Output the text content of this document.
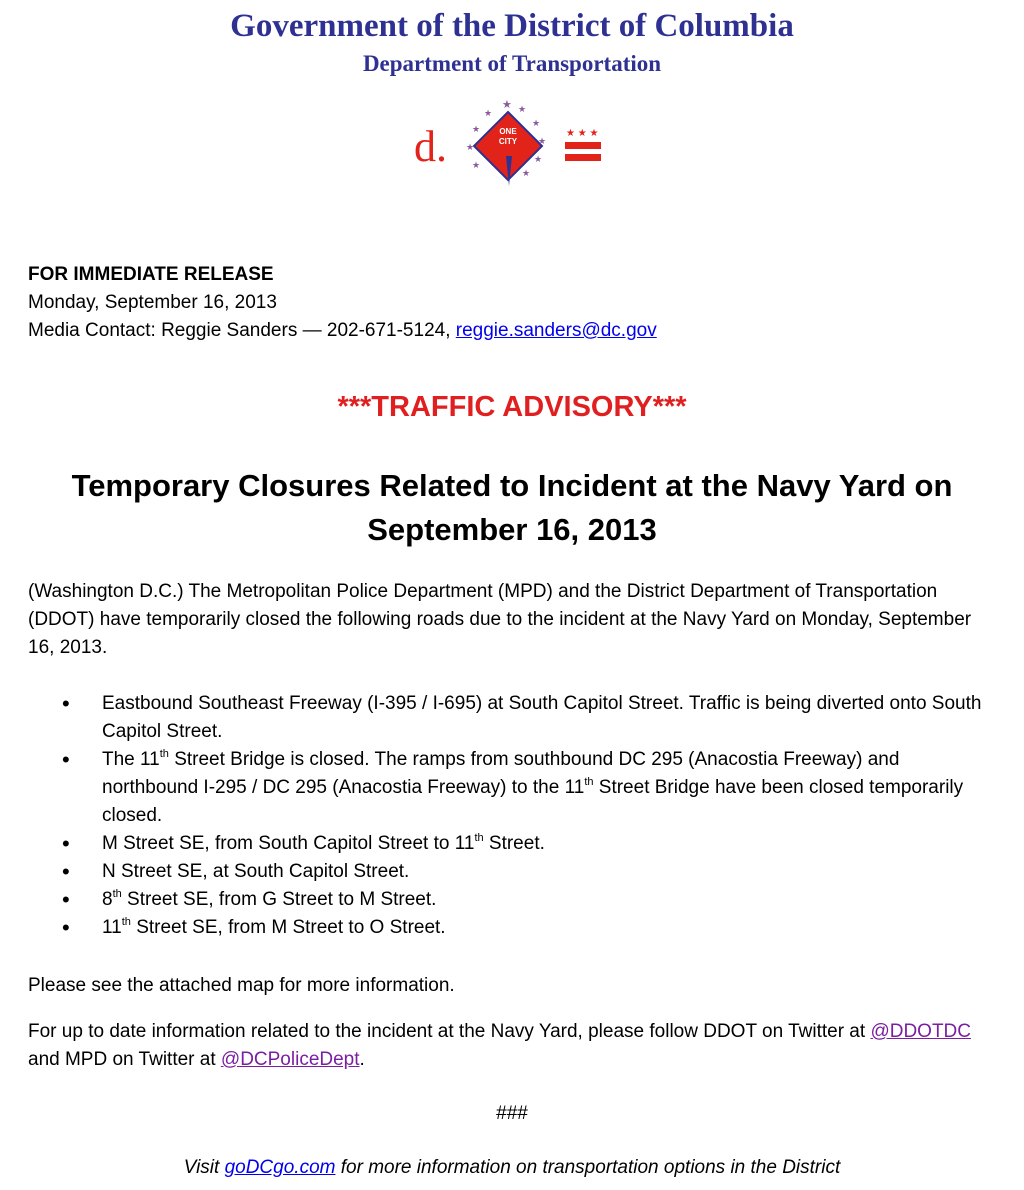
Government of the District of Columbia
Department of Transportation
d.	ONE
CITY
★ ★
★
★
★
★
★
★
★
★
★ ★ ★
FOR IMMEDIATE RELEASE
Monday, September 16, 2013
Media Contact: Reggie Sanders — 202-671-5124, reggie.sanders@dc.gov
***TRAFFIC ADVISORY***
Temporary Closures Related to Incident at the Navy Yard on September 16, 2013
(Washington D.C.) The Metropolitan Police Department (MPD) and the District Department of Transportation (DDOT) have temporarily closed the following roads due to the incident at the Navy Yard on Monday, September 16, 2013.
• Eastbound Southeast Freeway (I-395 / I-695) at South Capitol Street. Traffic is being diverted onto South Capitol Street.
• The 11th Street Bridge is closed. The ramps from southbound DC 295 (Anacostia Freeway) and northbound I-295 / DC 295 (Anacostia Freeway) to the 11th Street Bridge have been closed temporarily closed.
• M Street SE, from South Capitol Street to 11th Street.
• N Street SE, at South Capitol Street.
• 8th Street SE, from G Street to M Street.
• 11th Street SE, from M Street to O Street.
Please see the attached map for more information.
For up to date information related to the incident at the Navy Yard, please follow DDOT on Twitter at @DDOTDC and MPD on Twitter at @DCPoliceDept.
###
Visit goDCgo.com for more information on transportation options in the District
